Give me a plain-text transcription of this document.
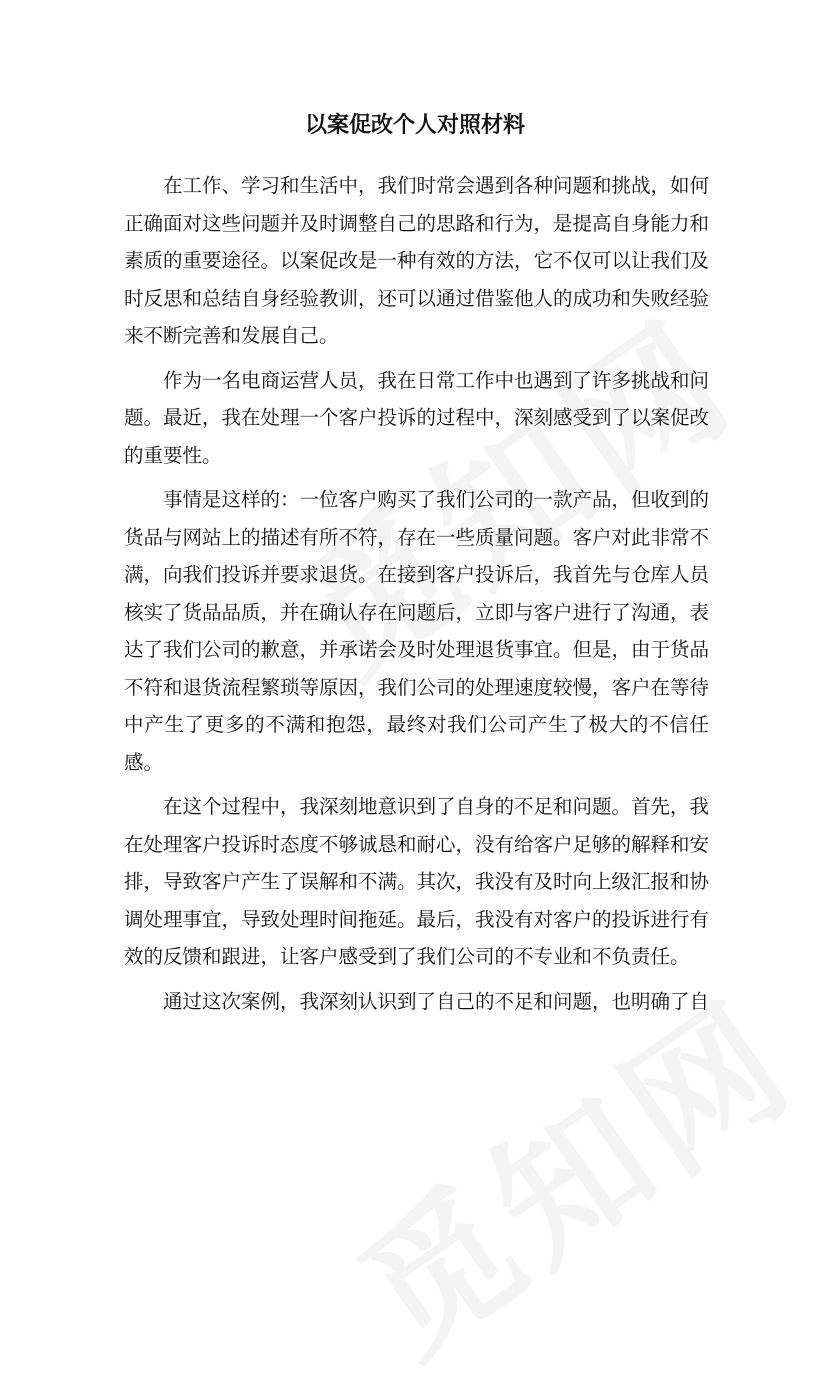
以案促改个人对照材料

在工作、学习和生活中，我们时常会遇到各种问题和挑战，如何正确面对这些问题并及时调整自己的思路和行为，是提高自身能力和素质的重要途径。以案促改是一种有效的方法，它不仅可以让我们及时反思和总结自身经验教训，还可以通过借鉴他人的成功和失败经验来不断完善和发展自己。

作为一名电商运营人员，我在日常工作中也遇到了许多挑战和问题。最近，我在处理一个客户投诉的过程中，深刻感受到了以案促改的重要性。

事情是这样的：一位客户购买了我们公司的一款产品，但收到的货品与网站上的描述有所不符，存在一些质量问题。客户对此非常不满，向我们投诉并要求退货。在接到客户投诉后，我首先与仓库人员核实了货品品质，并在确认存在问题后，立即与客户进行了沟通，表达了我们公司的歉意，并承诺会及时处理退货事宜。但是，由于货品不符和退货流程繁琐等原因，我们公司的处理速度较慢，客户在等待中产生了更多的不满和抱怨，最终对我们公司产生了极大的不信任感。

在这个过程中，我深刻地意识到了自身的不足和问题。首先，我在处理客户投诉时态度不够诚恳和耐心，没有给客户足够的解释和安排，导致客户产生了误解和不满。其次，我没有及时向上级汇报和协调处理事宜，导致处理时间拖延。最后，我没有对客户的投诉进行有效的反馈和跟进，让客户感受到了我们公司的不专业和不负责任。

通过这次案例，我深刻认识到了自己的不足和问题，也明确了自
